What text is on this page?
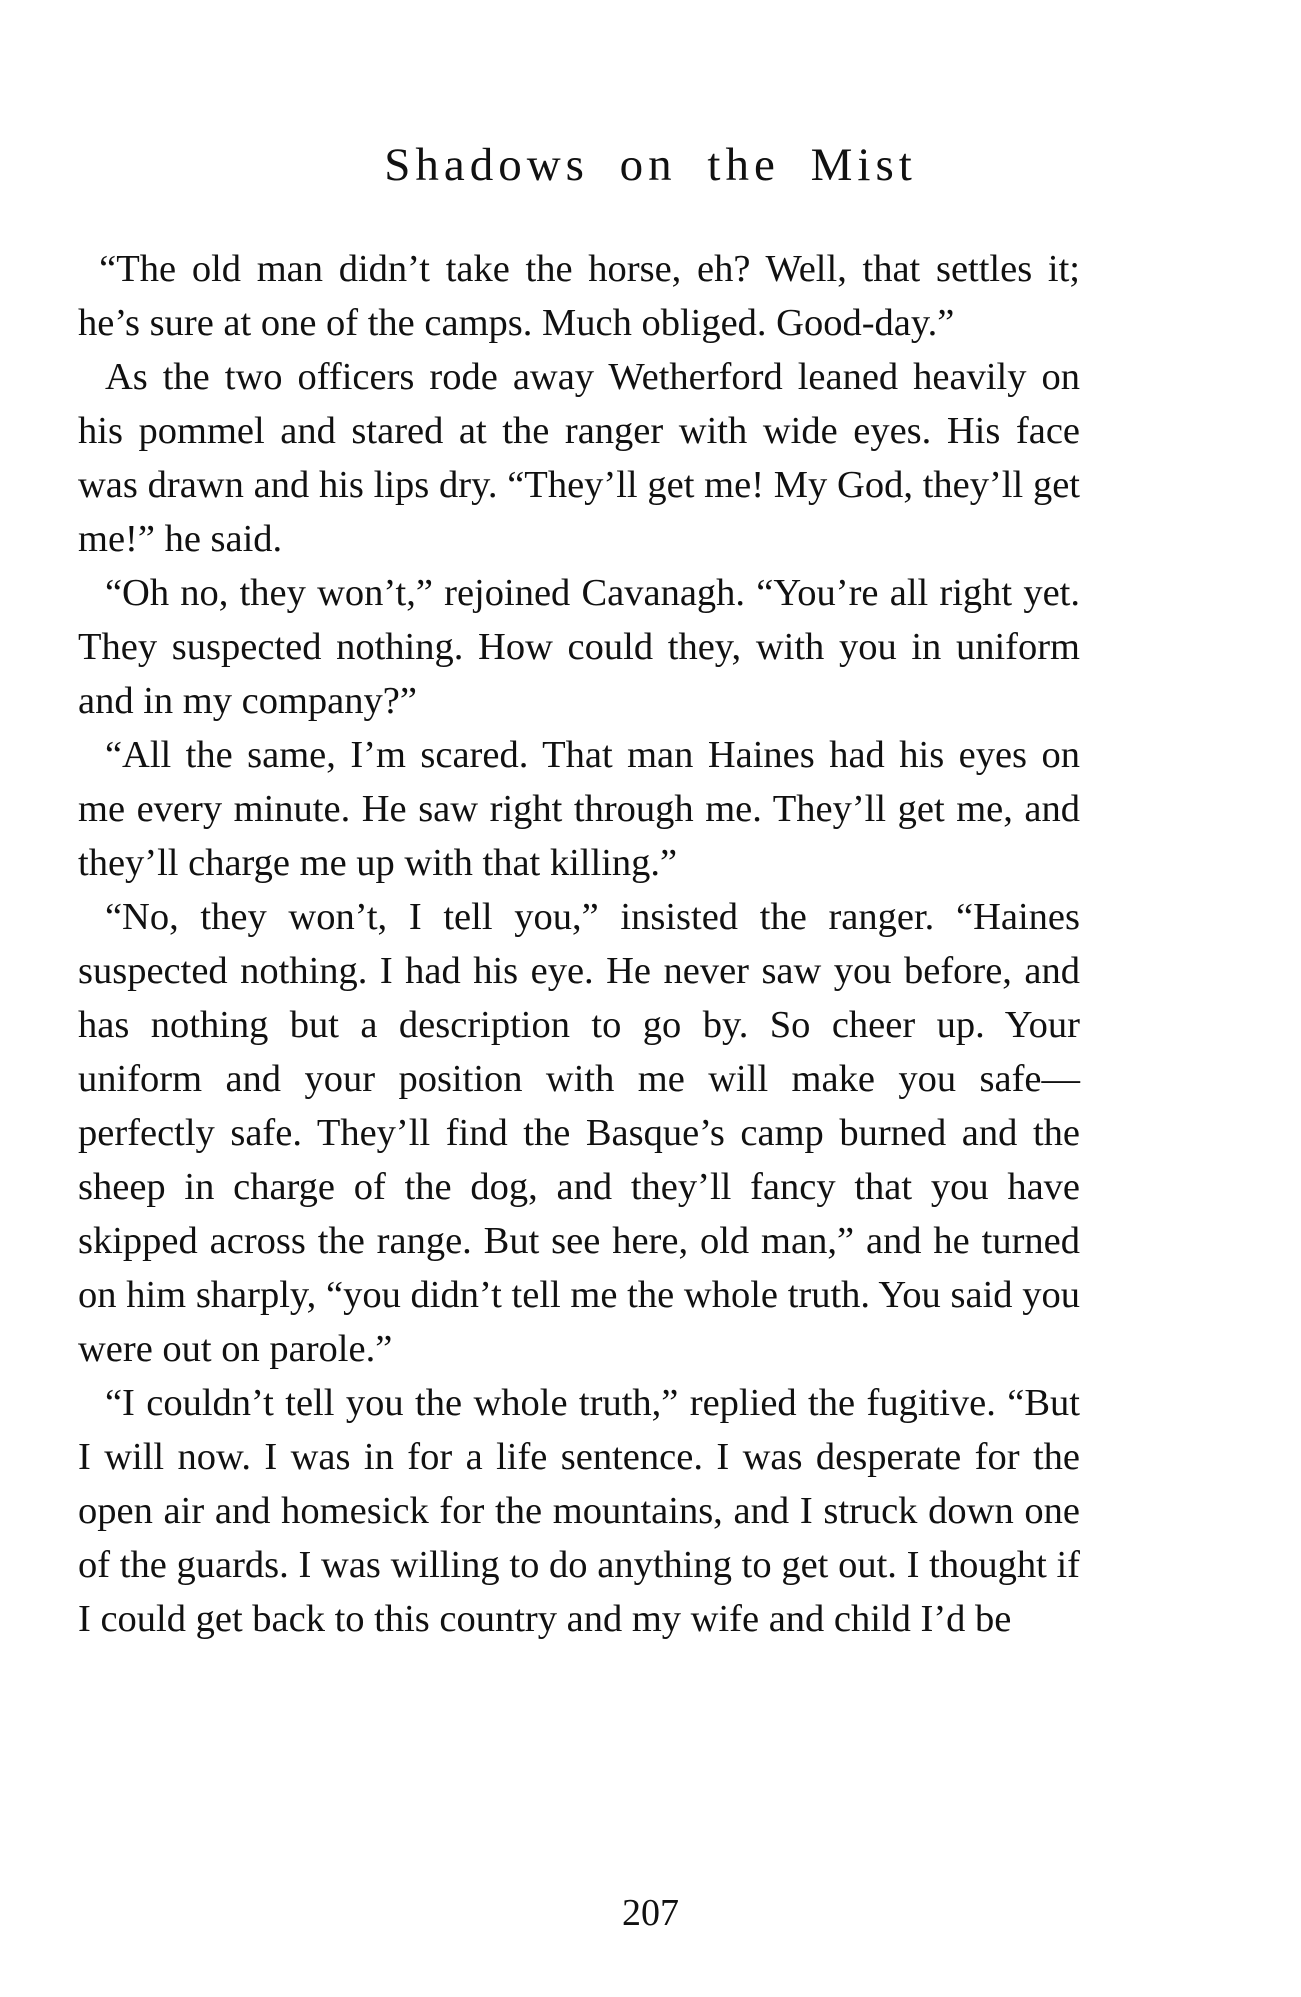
Shadows on the Mist

“The old man didn’t take the horse, eh? Well, that settles it; he’s sure at one of the camps. Much obliged. Good-day.”

As the two officers rode away Wetherford leaned heavily on his pommel and stared at the ranger with wide eyes. His face was drawn and his lips dry. “They’ll get me! My God, they’ll get me!” he said.

“Oh no, they won’t,” rejoined Cavanagh. “You’re all right yet. They suspected nothing. How could they, with you in uniform and in my company?”

“All the same, I’m scared. That man Haines had his eyes on me every minute. He saw right through me. They’ll get me, and they’ll charge me up with that killing.”

“No, they won’t, I tell you,” insisted the ranger. “Haines suspected nothing. I had his eye. He never saw you before, and has nothing but a description to go by. So cheer up. Your uniform and your position with me will make you safe—perfectly safe. They’ll find the Basque’s camp burned and the sheep in charge of the dog, and they’ll fancy that you have skipped across the range. But see here, old man,” and he turned on him sharply, “you didn’t tell me the whole truth. You said you were out on parole.”

“I couldn’t tell you the whole truth,” replied the fugitive. “But I will now. I was in for a life sentence. I was desperate for the open air and homesick for the mountains, and I struck down one of the guards. I was willing to do anything to get out. I thought if I could get back to this country and my wife and child I’d be

207
